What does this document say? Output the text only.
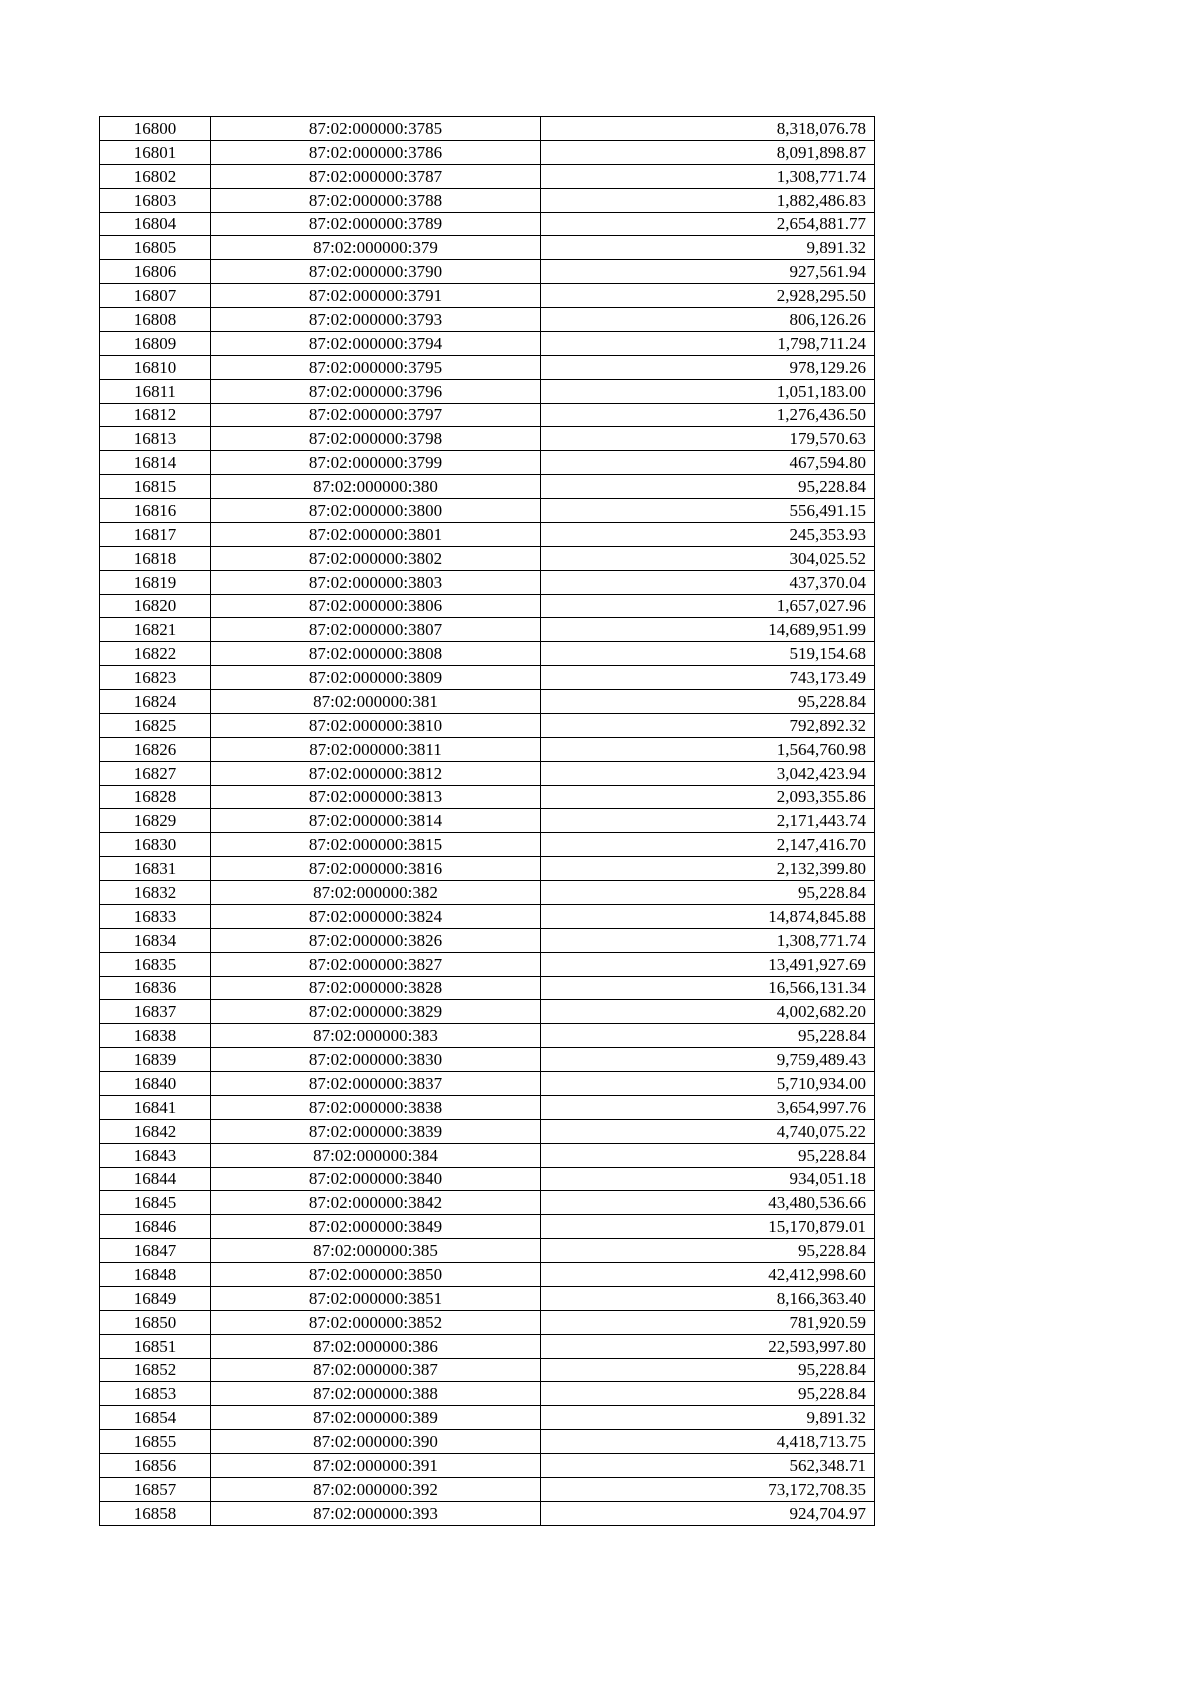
16800	87:02:000000:3785	8,318,076.78
16801	87:02:000000:3786	8,091,898.87
16802	87:02:000000:3787	1,308,771.74
16803	87:02:000000:3788	1,882,486.83
16804	87:02:000000:3789	2,654,881.77
16805	87:02:000000:379	9,891.32
16806	87:02:000000:3790	927,561.94
16807	87:02:000000:3791	2,928,295.50
16808	87:02:000000:3793	806,126.26
16809	87:02:000000:3794	1,798,711.24
16810	87:02:000000:3795	978,129.26
16811	87:02:000000:3796	1,051,183.00
16812	87:02:000000:3797	1,276,436.50
16813	87:02:000000:3798	179,570.63
16814	87:02:000000:3799	467,594.80
16815	87:02:000000:380	95,228.84
16816	87:02:000000:3800	556,491.15
16817	87:02:000000:3801	245,353.93
16818	87:02:000000:3802	304,025.52
16819	87:02:000000:3803	437,370.04
16820	87:02:000000:3806	1,657,027.96
16821	87:02:000000:3807	14,689,951.99
16822	87:02:000000:3808	519,154.68
16823	87:02:000000:3809	743,173.49
16824	87:02:000000:381	95,228.84
16825	87:02:000000:3810	792,892.32
16826	87:02:000000:3811	1,564,760.98
16827	87:02:000000:3812	3,042,423.94
16828	87:02:000000:3813	2,093,355.86
16829	87:02:000000:3814	2,171,443.74
16830	87:02:000000:3815	2,147,416.70
16831	87:02:000000:3816	2,132,399.80
16832	87:02:000000:382	95,228.84
16833	87:02:000000:3824	14,874,845.88
16834	87:02:000000:3826	1,308,771.74
16835	87:02:000000:3827	13,491,927.69
16836	87:02:000000:3828	16,566,131.34
16837	87:02:000000:3829	4,002,682.20
16838	87:02:000000:383	95,228.84
16839	87:02:000000:3830	9,759,489.43
16840	87:02:000000:3837	5,710,934.00
16841	87:02:000000:3838	3,654,997.76
16842	87:02:000000:3839	4,740,075.22
16843	87:02:000000:384	95,228.84
16844	87:02:000000:3840	934,051.18
16845	87:02:000000:3842	43,480,536.66
16846	87:02:000000:3849	15,170,879.01
16847	87:02:000000:385	95,228.84
16848	87:02:000000:3850	42,412,998.60
16849	87:02:000000:3851	8,166,363.40
16850	87:02:000000:3852	781,920.59
16851	87:02:000000:386	22,593,997.80
16852	87:02:000000:387	95,228.84
16853	87:02:000000:388	95,228.84
16854	87:02:000000:389	9,891.32
16855	87:02:000000:390	4,418,713.75
16856	87:02:000000:391	562,348.71
16857	87:02:000000:392	73,172,708.35
16858	87:02:000000:393	924,704.97
